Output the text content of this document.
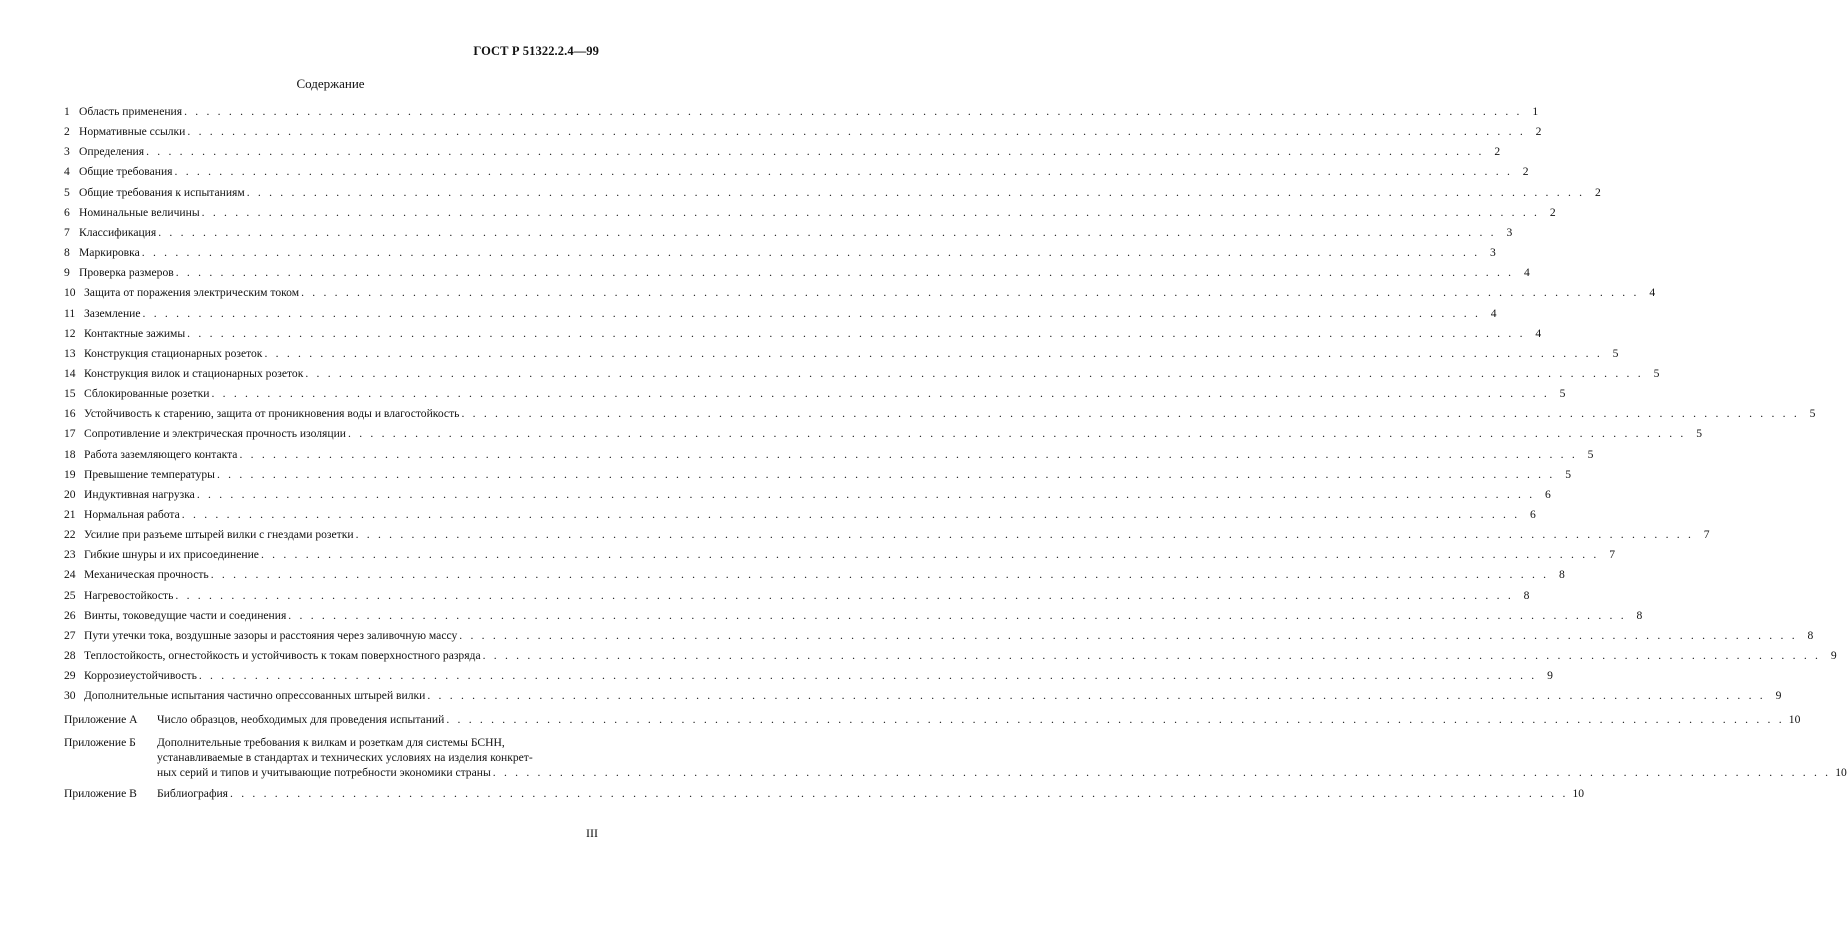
ГОСТ Р 51322.2.4—99
Содержание
1 Область применения . . . . . . . . . . . . . . . . . . . . . . . . . . . . . . . . . . . . . . . . . . . . . . . . . . . . . . . . . . . . . . . . . . . . . . . . . . . . . . . . . . . . . . . . . . . . . . . . . . . . . . . . . . . . . . . . . . . . . . . . 1
2 Нормативные ссылки . . . . . . . . . . . . . . . . . . . . . . . . . . . . . . . . . . . . . . . . . . . . . . . . . . . . . . . . . . . . . . . . . . . . . . . . . . . . . . . . . . . . . . . . . . . . . . . . . . . . . . . . . . . . . . . . . . . . . . . . 2
3 Определения . . . . . . . . . . . . . . . . . . . . . . . . . . . . . . . . . . . . . . . . . . . . . . . . . . . . . . . . . . . . . . . . . . . . . . . . . . . . . . . . . . . . . . . . . . . . . . . . . . . . . . . . . . . . . . . . . . . . . . . . 2
4 Общие требования . . . . . . . . . . . . . . . . . . . . . . . . . . . . . . . . . . . . . . . . . . . . . . . . . . . . . . . . . . . . . . . . . . . . . . . . . . . . . . . . . . . . . . . . . . . . . . . . . . . . . . . . . . . . . . . . . . . . . . . . 2
5 Общие требования к испытаниям . . . . . . . . . . . . . . . . . . . . . . . . . . . . . . . . . . . . . . . . . . . . . . . . . . . . . . . . . . . . . . . . . . . . . . . . . . . . . . . . . . . . . . . . . . . . . . . . . . . . . . . . . . . . . . . . . . . . . . . . 2
6 Номинальные величины . . . . . . . . . . . . . . . . . . . . . . . . . . . . . . . . . . . . . . . . . . . . . . . . . . . . . . . . . . . . . . . . . . . . . . . . . . . . . . . . . . . . . . . . . . . . . . . . . . . . . . . . . . . . . . . . . . . . . . . . 2
7 Классификация . . . . . . . . . . . . . . . . . . . . . . . . . . . . . . . . . . . . . . . . . . . . . . . . . . . . . . . . . . . . . . . . . . . . . . . . . . . . . . . . . . . . . . . . . . . . . . . . . . . . . . . . . . . . . . . . . . . . . . . . 3
8 Маркировка . . . . . . . . . . . . . . . . . . . . . . . . . . . . . . . . . . . . . . . . . . . . . . . . . . . . . . . . . . . . . . . . . . . . . . . . . . . . . . . . . . . . . . . . . . . . . . . . . . . . . . . . . . . . . . . . . . . . . . . . 3
9 Проверка размеров . . . . . . . . . . . . . . . . . . . . . . . . . . . . . . . . . . . . . . . . . . . . . . . . . . . . . . . . . . . . . . . . . . . . . . . . . . . . . . . . . . . . . . . . . . . . . . . . . . . . . . . . . . . . . . . . . . . . . . . . 4
10 Защита от поражения электрическим током . . . . . . . . . . . . . . . . . . . . . . . . . . . . . . . . . . . . . . . . . . . . . . . . . . . . . . . . . . . . . . . . . . . . . . . . . . . . . . . . . . . . . . . . . . . . . . . . . . . . . . . . . . . . . . . . . . . . . . . . 4
11 Заземление . . . . . . . . . . . . . . . . . . . . . . . . . . . . . . . . . . . . . . . . . . . . . . . . . . . . . . . . . . . . . . . . . . . . . . . . . . . . . . . . . . . . . . . . . . . . . . . . . . . . . . . . . . . . . . . . . . . . . . . . 4
12 Контактные зажимы . . . . . . . . . . . . . . . . . . . . . . . . . . . . . . . . . . . . . . . . . . . . . . . . . . . . . . . . . . . . . . . . . . . . . . . . . . . . . . . . . . . . . . . . . . . . . . . . . . . . . . . . . . . . . . . . . . . . . . . . 4
13 Конструкция стационарных розеток . . . . . . . . . . . . . . . . . . . . . . . . . . . . . . . . . . . . . . . . . . . . . . . . . . . . . . . . . . . . . . . . . . . . . . . . . . . . . . . . . . . . . . . . . . . . . . . . . . . . . . . . . . . . . . . . . . . . . . . . 5
14 Конструкция вилок и стационарных розеток . . . . . . . . . . . . . . . . . . . . . . . . . . . . . . . . . . . . . . . . . . . . . . . . . . . . . . . . . . . . . . . . . . . . . . . . . . . . . . . . . . . . . . . . . . . . . . . . . . . . . . . . . . . . . . . . . . . . . . . . 5
15 Сблокированные розетки . . . . . . . . . . . . . . . . . . . . . . . . . . . . . . . . . . . . . . . . . . . . . . . . . . . . . . . . . . . . . . . . . . . . . . . . . . . . . . . . . . . . . . . . . . . . . . . . . . . . . . . . . . . . . . . . . . . . . . . . 5
16 Устойчивость к старению, защита от проникновения воды и влагостойкость . . . . . . . . . . . . . . . . . . . . . . . . . . . . . . . . . . . . . . . . . . . . . . . . . . . . . . . . . . . . . . . . . . . . . . . . . . . . . . . . . . . . . . . . . . . . . . . . . . . . . . . . . . . . . . . . . . . . . . . . 5
17 Сопротивление и электрическая прочность изоляции . . . . . . . . . . . . . . . . . . . . . . . . . . . . . . . . . . . . . . . . . . . . . . . . . . . . . . . . . . . . . . . . . . . . . . . . . . . . . . . . . . . . . . . . . . . . . . . . . . . . . . . . . . . . . . . . . . . . . . . . 5
18 Работа заземляющего контакта . . . . . . . . . . . . . . . . . . . . . . . . . . . . . . . . . . . . . . . . . . . . . . . . . . . . . . . . . . . . . . . . . . . . . . . . . . . . . . . . . . . . . . . . . . . . . . . . . . . . . . . . . . . . . . . . . . . . . . . . 5
19 Превышение температуры . . . . . . . . . . . . . . . . . . . . . . . . . . . . . . . . . . . . . . . . . . . . . . . . . . . . . . . . . . . . . . . . . . . . . . . . . . . . . . . . . . . . . . . . . . . . . . . . . . . . . . . . . . . . . . . . . . . . . . . . 5
20 Индуктивная нагрузка . . . . . . . . . . . . . . . . . . . . . . . . . . . . . . . . . . . . . . . . . . . . . . . . . . . . . . . . . . . . . . . . . . . . . . . . . . . . . . . . . . . . . . . . . . . . . . . . . . . . . . . . . . . . . . . . . . . . . . . . 6
21 Нормальная работа . . . . . . . . . . . . . . . . . . . . . . . . . . . . . . . . . . . . . . . . . . . . . . . . . . . . . . . . . . . . . . . . . . . . . . . . . . . . . . . . . . . . . . . . . . . . . . . . . . . . . . . . . . . . . . . . . . . . . . . . 6
22 Усилие при разъеме штырей вилки с гнездами розетки . . . . . . . . . . . . . . . . . . . . . . . . . . . . . . . . . . . . . . . . . . . . . . . . . . . . . . . . . . . . . . . . . . . . . . . . . . . . . . . . . . . . . . . . . . . . . . . . . . . . . . . . . . . . . . . . . . . . . . . . 7
23 Гибкие шнуры и их присоединение . . . . . . . . . . . . . . . . . . . . . . . . . . . . . . . . . . . . . . . . . . . . . . . . . . . . . . . . . . . . . . . . . . . . . . . . . . . . . . . . . . . . . . . . . . . . . . . . . . . . . . . . . . . . . . . . . . . . . . . . 7
24 Механическая прочность . . . . . . . . . . . . . . . . . . . . . . . . . . . . . . . . . . . . . . . . . . . . . . . . . . . . . . . . . . . . . . . . . . . . . . . . . . . . . . . . . . . . . . . . . . . . . . . . . . . . . . . . . . . . . . . . . . . . . . . . 8
25 Нагревостойкость . . . . . . . . . . . . . . . . . . . . . . . . . . . . . . . . . . . . . . . . . . . . . . . . . . . . . . . . . . . . . . . . . . . . . . . . . . . . . . . . . . . . . . . . . . . . . . . . . . . . . . . . . . . . . . . . . . . . . . . . 8
26 Винты, токоведущие части и соединения . . . . . . . . . . . . . . . . . . . . . . . . . . . . . . . . . . . . . . . . . . . . . . . . . . . . . . . . . . . . . . . . . . . . . . . . . . . . . . . . . . . . . . . . . . . . . . . . . . . . . . . . . . . . . . . . . . . . . . . . 8
27 Пути утечки тока, воздушные зазоры и расстояния через заливочную массу . . . . . . . . . . . . . . . . . . . . . . . . . . . . . . . . . . . . . . . . . . . . . . . . . . . . . . . . . . . . . . . . . . . . . . . . . . . . . . . . . . . . . . . . . . . . . . . . . . . . . . . . . . . . . . . . . . . . . . . . 8
28 Теплостойкость, огнестойкость и устойчивость к токам поверхностного разряда . . . . . . . . . . . . . . . . . . . . . . . . . . . . . . . . . . . . . . . . . . . . . . . . . . . . . . . . . . . . . . . . . . . . . . . . . . . . . . . . . . . . . . . . . . . . . . . . . . . . . . . . . . . . . . . . . . . . . . . . 9
29 Коррозиеустойчивость . . . . . . . . . . . . . . . . . . . . . . . . . . . . . . . . . . . . . . . . . . . . . . . . . . . . . . . . . . . . . . . . . . . . . . . . . . . . . . . . . . . . . . . . . . . . . . . . . . . . . . . . . . . . . . . . . . . . . . . . 9
30 Дополнительные испытания частично опрессованных штырей вилки . . . . . . . . . . . . . . . . . . . . . . . . . . . . . . . . . . . . . . . . . . . . . . . . . . . . . . . . . . . . . . . . . . . . . . . . . . . . . . . . . . . . . . . . . . . . . . . . . . . . . . . . . . . . . . . . . . . . . . . . 9
Приложение А	Число образцов, необходимых для проведения испытаний . . . . . . . . . . . . . . . . . . . . . . . . . . . . . . . . . . . . . . . . . . . . . . . . . . . . . . . . . . . . . . . . . . . . . . . . . . . . . . . . . . . . . . . . . . . . . . . . . . . . . . . . . . . . . . . . . . . . . . . . 10
Приложение Б Дополнительные требования к вилкам и розеткам для системы БСНН,
устанавливаемые в стандартах и технических условиях на изделия конкрет-
ных серий и типов и учитывающие потребности экономики страны . . . . . . . . . . . . . . . . . . . . . . . . . . . . . . . . . . . . . . . . . . . . . . . . . . . . . . . . . . . . . . . . . . . . . . . . . . . . . . . . . . . . . . . . . . . . . . . . . . . . . . . . . . . . . . . . . . . . . . . . 10
Приложение В	Библиография . . . . . . . . . . . . . . . . . . . . . . . . . . . . . . . . . . . . . . . . . . . . . . . . . . . . . . . . . . . . . . . . . . . . . . . . . . . . . . . . . . . . . . . . . . . . . . . . . . . . . . . . . . . . . . . . . . . . . . . . 10
III
